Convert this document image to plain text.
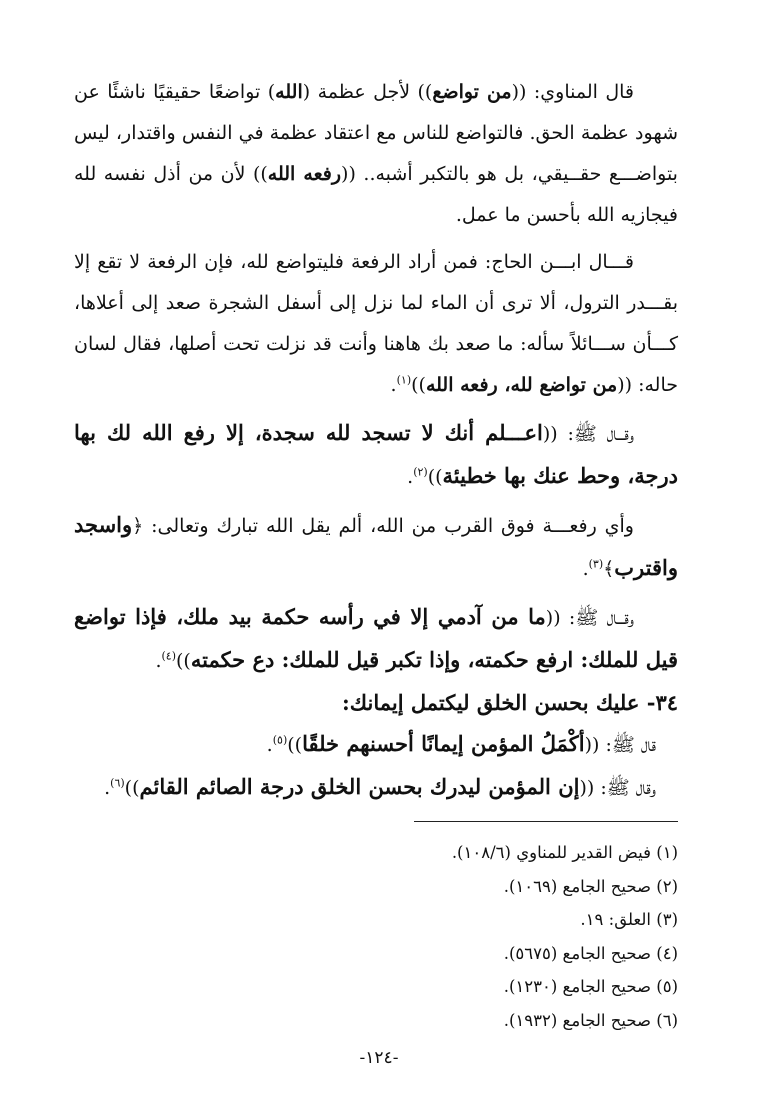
قال المناوي: ((من تواضع)) لأجل عظمة (الله) تواضعًا حقيقيًا ناشئًا عن شهود عظمة الحق. فالتواضع للناس مع اعتقاد عظمة في النفس واقتدار، ليس بتواضـــع حقــيقي، بل هو بالتكبر أشبه.. ((رفعه الله)) لأن من أذل نفسه لله فيجازيه الله بأحسن ما عمل.

قـــال ابـــن الحاج: فمن أراد الرفعة فليتواضع لله، فإن الرفعة لا تقع إلا بقـــدر الترول، ألا ترى أن الماء لما نزل إلى أسفل الشجرة صعد إلى أعلاها، كـــأن ســـائلاً سأله: ما صعد بك هاهنا وأنت قد نزلت تحت أصلها، فقال لسان حاله: ((من تواضع لله، رفعه الله))$^{(١)}$.

وقـــال ﷺ: ((اعـــلم أنك لا تسجد لله سجدة، إلا رفع الله لك بها درجة، وحط عنك بها خطيئة))$^{(٢)}$.

وأي رفعـــة فوق القرب من الله، ألم يقل الله تبارك وتعالى: ﴿واسجد واقترب﴾$^{(٣)}$.

وقـــال ﷺ: ((ما من آدمي إلا في رأسه حكمة بيد ملك، فإذا تواضع قيل للملك: ارفع حكمته، وإذا تكبر قيل للملك: دع حكمته))$^{(٤)}$.

٣٤- عليك بحسن الخلق ليكتمل إيمانك:

قال ﷺ: ((أكْمَلُ المؤمن إيمانًا أحسنهم خلقًا))$^{(٥)}$.

وقال ﷺ: ((إن المؤمن ليدرك بحسن الخلق درجة الصائم القائم))$^{(٦)}$.

(١) فيض القدير للمناوي (١٠٨/٦).

(٢) صحيح الجامع (١٠٦٩).

(٣) العلق: ١٩.

(٤) صحيح الجامع (٥٦٧٥).

(٥) صحيح الجامع (١٢٣٠).

(٦) صحيح الجامع (١٩٣٢).

-١٢٤-
